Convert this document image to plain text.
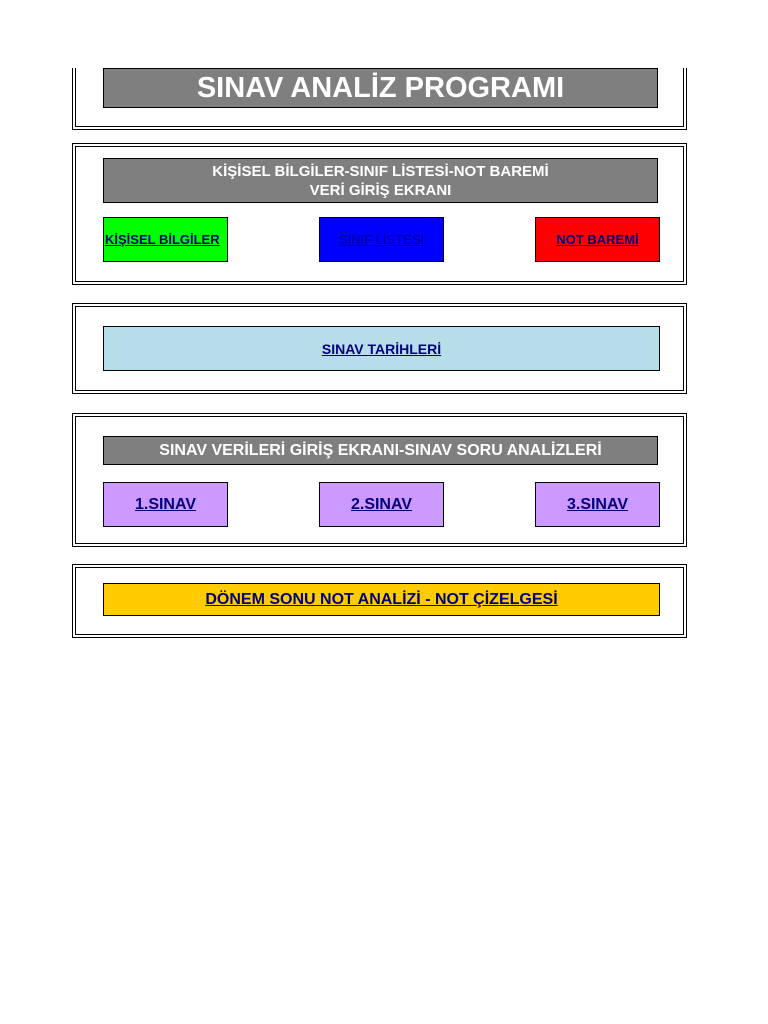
SINAV ANALİZ PROGRAMI
KİŞİSEL BİLGİLER-SINIF LİSTESİ-NOT BAREMİ
VERİ GİRİŞ EKRANI
KİŞİSEL BİLGİLER	SINIF LİSTESİ	NOT BAREMİ
SINAV TARİHLERİ
SINAV VERİLERİ GİRİŞ EKRANI-SINAV SORU ANALİZLERİ
1.SINAV	2.SINAV	3.SINAV
DÖNEM SONU NOT ANALİZİ - NOT ÇİZELGESİ
